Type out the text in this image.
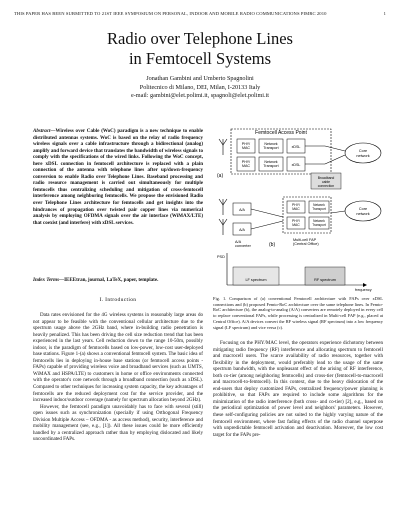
THIS PAPER HAS BEEN SUBMITTED TO 21ST IEEE SYMPOSIUM ON PERSONAL, INDOOR AND MOBILE RADIO COMMUNICATIONS PIMRC 2010	1
Radio over Telephone Lines
in Femtocell Systems
Jonathan Gambini and Umberto Spagnolini
Politecnico di Milano, DEI, Milan, I-20133 Italy
e-mail: gambini@elet.polimi.it, spagnoli@elet.polimi.it
Abstract—Wireless over Cable (WoC) paradigm is a new technique to enable distributed antennas systems. WoC is based on the relay of radio frequency wireless signals over a cable infrastructure through a bidirectional (analog) amplify and forward device that translates the bandwidth of wireless signals to comply with the specifications of the wired links. Following the WoC concept, here xDSL connection in femtocell architecture is replaced with a plain connection of the antenna with telephone lines after up/down-frequency conversion to enable Radio over Telephone Lines. Baseband processing and radio resource management is carried out simultaneously for multiple femtocells thus centralizing scheduling and mitigation of cross-femtocell interference among neighboring femtocells. We propose the envisioned Radio over Telephone Lines architecture for femtocells and get insights into the hindrances of propagation over twisted pair copper lines via numerical analysis by employing OFDMA signals over the air interface (WiMAX/LTE) that coexist (and interfere) with xDSL services.
Index Terms—IEEEtran, journal, LaTeX, paper, template.
I. Introduction

Data rates envisioned for the 4G wireless systems in reasonably large areas do not appear to be feasible with the conventional cellular architecture due to the spectrum usage above the 2GHz band, where in-building radio penetration is heavily penalized. This has been driving the cell size reduction trend that has been experienced in the last years. Cell reduction down to the range 10-50m, possibly indoor, is the paradigm of femtocells based on low-power, low-cost user-deployed base stations. Figure 1-(a) shows a conventional femtocell system. The basic idea of femtocells lies in deploying in-house base stations (or femtocell access points - FAPs) capable of providing wireless voice and broadband services (such as UMTS, WiMAX and HSPA/LTE) to customers in home or office environments connected with the operator's core network through a broadband connection (such as xDSL). Compared to other techniques for increasing system capacity, the key advantages of femtocells are the reduced deployment cost for the service provider, and the increased indoor/outdoor coverage (namely for spectrum allocation beyond 2GHz).

However, the femtocell paradigm unavoidably has to face with several (still) open issues such as synchronization (specially if using Orthogonal Frequency Division Multiple Access – OFDMA - as access method), security, interference and mobility management (see, e.g., [1]). All these issues could be more efficiently handled by a centralized approach rather than by employing dislocated and likely uncoordinated FAPs.

Femtocell Access Point
PHY/
MAC
Network
Transport	xDSL
PHY/
MAC
Network
Transport	xDSL
Broadband
cable
connection
Core
network
(a)
A/A
A/A
PHY/
MAC
Network
Transport
PHY/
MAC
Network
Transport
Core
network
A/A
converter
Multi-cell FAP
(Central Office)
(b)
PSD
LF spectrum	RF spectrum
frequency
Fig. 1. Comparison of (a) conventional Femtocell architecture with FAPs over xDSL connections and (b) proposed Femto-RoC architecture over the same telephone lines. In Femto-RoC architecture (b), the analog-to-analog (A/A) converters are remotely deployed in every cell to replace conventional FAPs, while processing is centralized in Multi-cell FAP (e.g., placed at Central Office). A/A devices convert the RF wireless signal (RF spectrum) into a low frequency signal (LF spectrum) and vice versa (c).

Focusing on the PHY/MAC level, the operators experience dichotomy between mitigating radio frequency (RF) interference and allocating spectrum to femtocell and macrocell users. The scarce availability of radio resources, together with flexibility in the deployment, would preferably lead to the usage of the same spectrum bandwidth, with the unpleasant effect of the arising of RF interference, both co-tier (among neighboring femtocells) and cross-tier (femtocell-to-macrocell and macrocell-to-femtocell). In this context, due to the heavy dislocation of the end-users that deploy customized FAPs, centralized frequency/power planning is prohibitive, so that FAPs are required to include some algorithms for the minimization of the radio interference (both cross- and co-tier) [2], e.g., based on the periodical optimization of power level and neighbors' parameters. However, these self-configuring policies are not suited to the highly varying nature of the femtocell environment, where fast fading effects of the radio channel superpose with unpredictable femtocell activation and deactivation. Moreover, the low cost target for the FAPs pre-
